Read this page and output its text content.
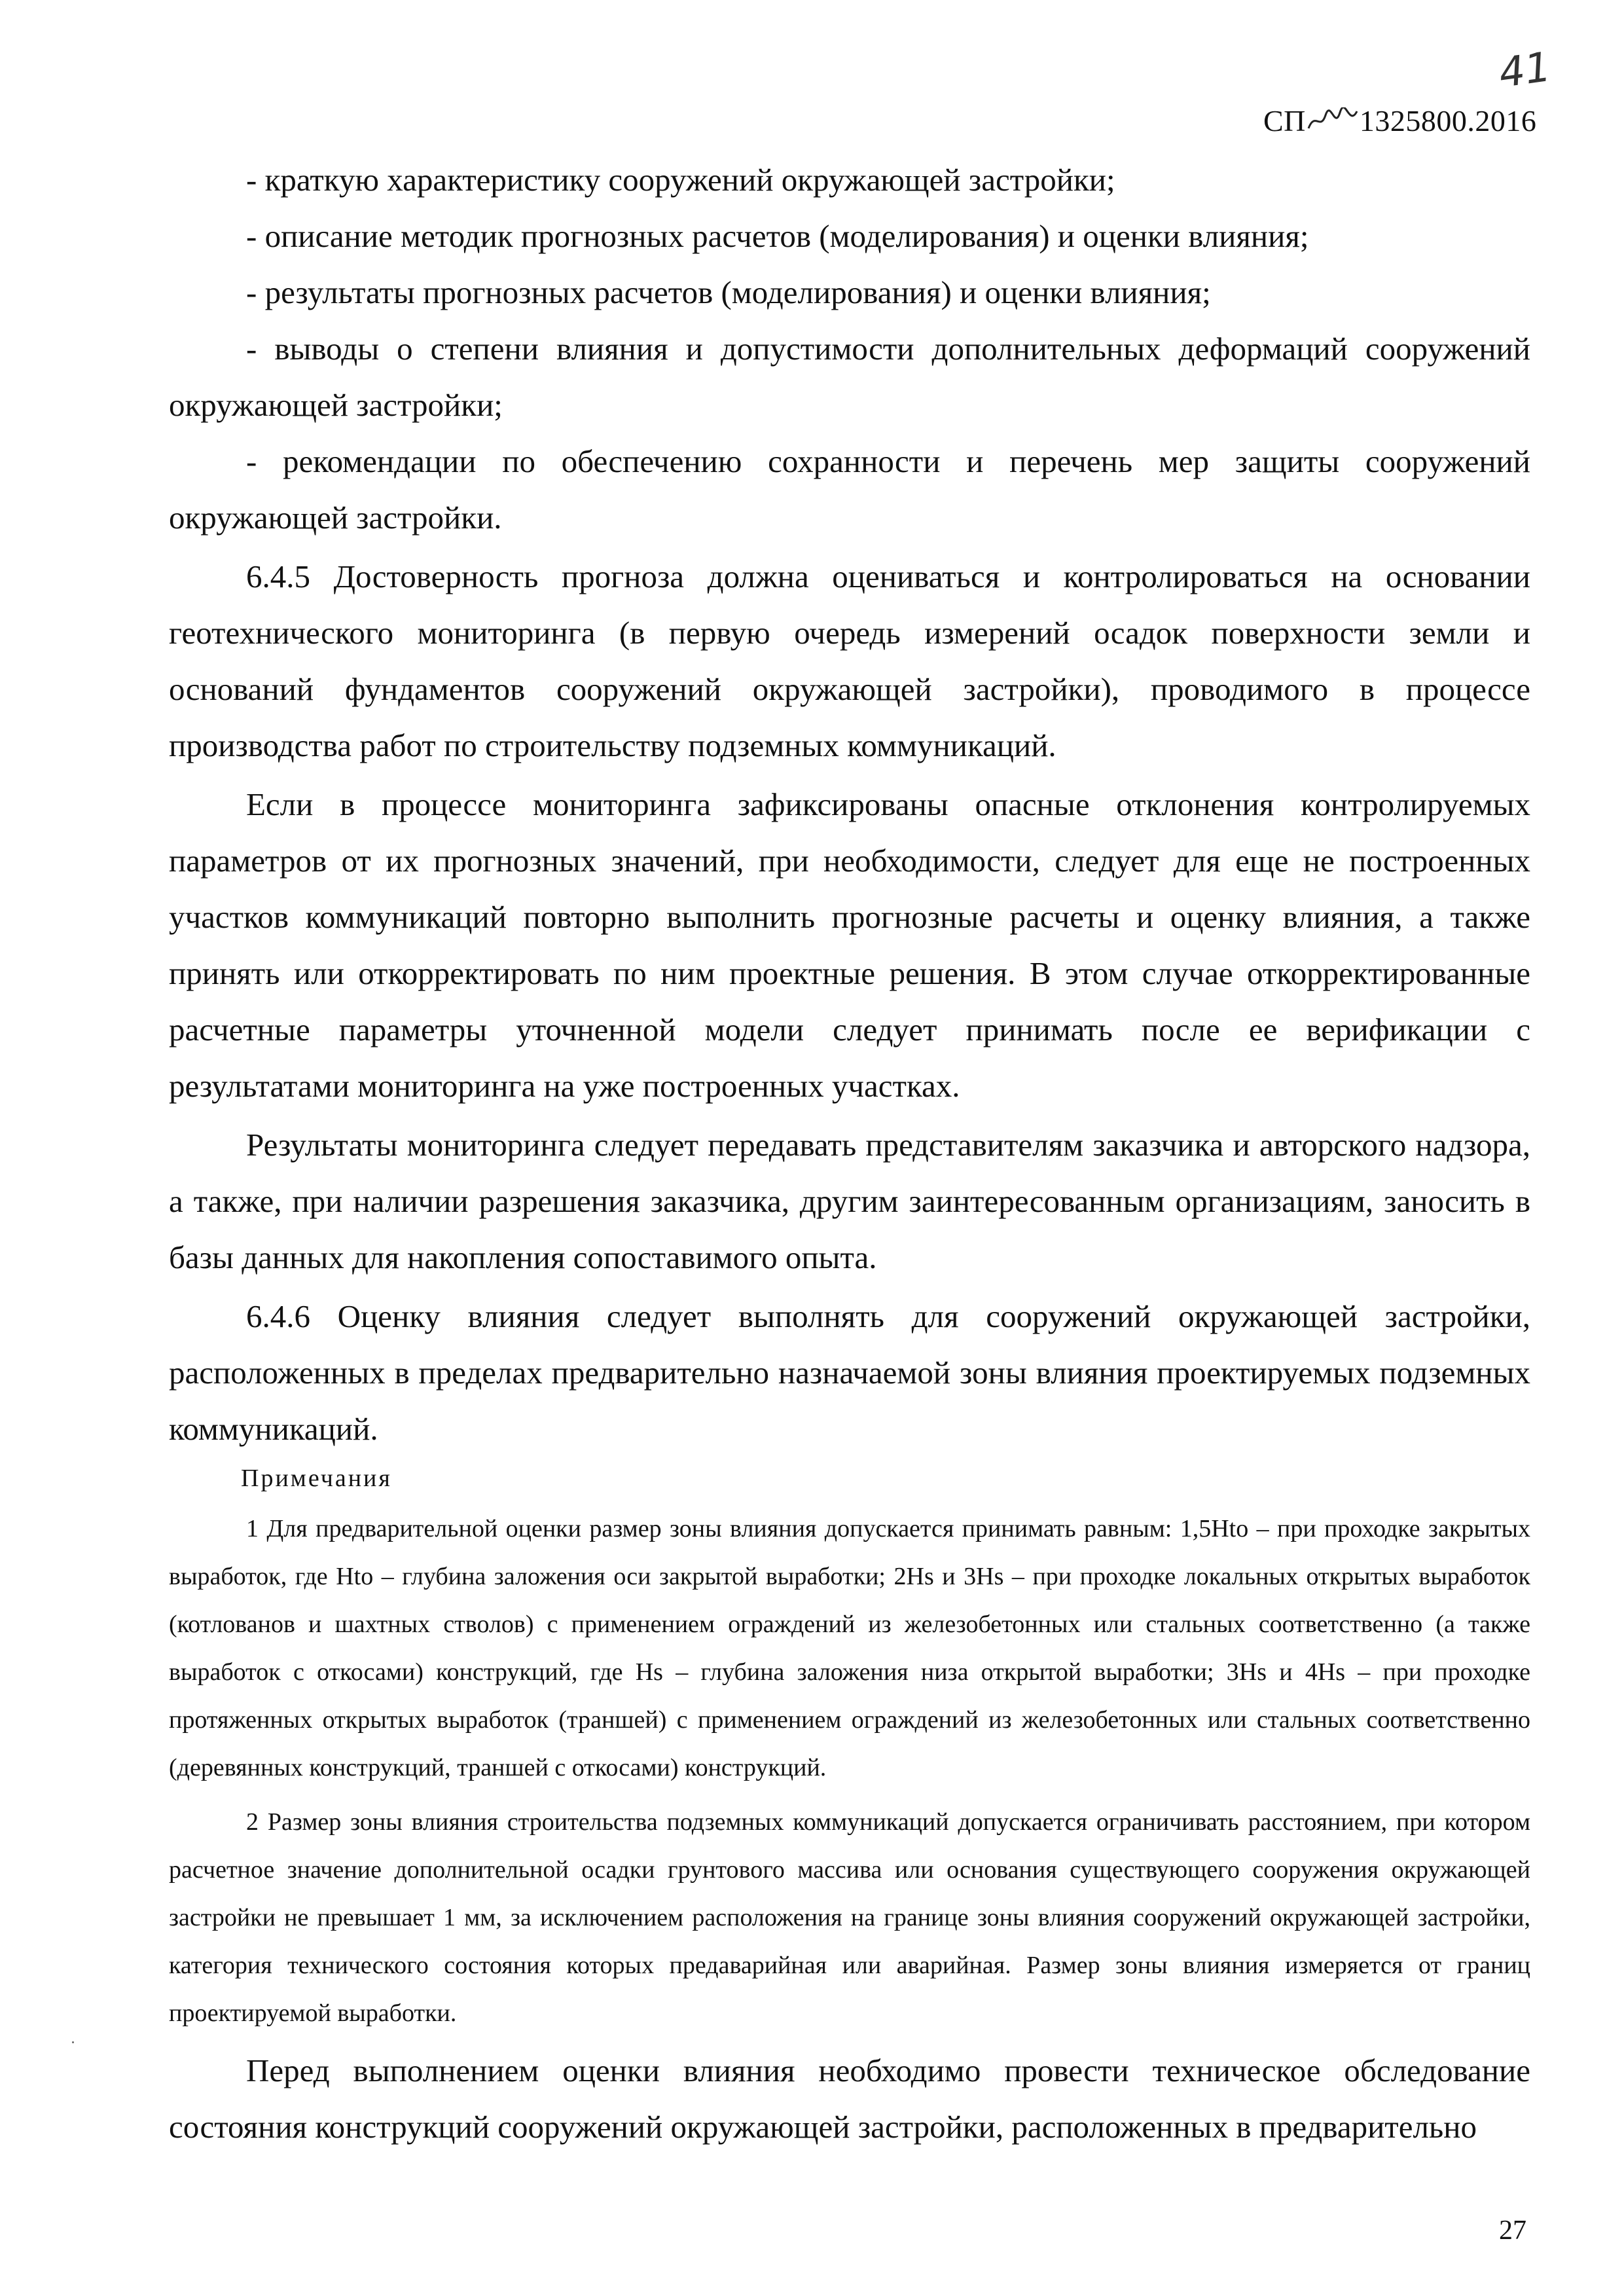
41
СП 1325800.2016

- краткую характеристику сооружений окружающей застройки;

- описание методик прогнозных расчетов (моделирования) и оценки влияния;

- результаты прогнозных расчетов (моделирования) и оценки влияния;

- выводы о степени влияния и допустимости дополнительных деформаций сооружений окружающей застройки;

- рекомендации по обеспечению сохранности и перечень мер защиты сооружений окружающей застройки.

6.4.5 Достоверность прогноза должна оцениваться и контролироваться на основании геотехнического мониторинга (в первую очередь измерений осадок поверхности земли и оснований фундаментов сооружений окружающей застройки), проводимого в процессе производства работ по строительству подземных коммуникаций.

Если в процессе мониторинга зафиксированы опасные отклонения контролируемых параметров от их прогнозных значений, при необходимости, следует для еще не построенных участков коммуникаций повторно выполнить прогнозные расчеты и оценку влияния, а также принять или откорректировать по ним проектные решения. В этом случае откорректированные расчетные параметры уточненной модели следует принимать после ее верификации с результатами мониторинга на уже построенных участках.

Результаты мониторинга следует передавать представителям заказчика и авторского надзора, а также, при наличии разрешения заказчика, другим заинтересованным организациям, заносить в базы данных для накопления сопоставимого опыта.

6.4.6 Оценку влияния следует выполнять для сооружений окружающей застройки, расположенных в пределах предварительно назначаемой зоны влияния проектируемых подземных коммуникаций.

Примечания

1 Для предварительной оценки размер зоны влияния допускается принимать равным: 1,5Htο – при проходке закрытых выработок, где Htο – глубина заложения оси закрытой выработки; 2Hs и 3Hs – при проходке локальных открытых выработок (котлованов и шахтных стволов) с применением ограждений из железобетонных или стальных соответственно (а также выработок с откосами) конструкций, где Hs – глубина заложения низа открытой выработки; 3Hs и 4Hs – при проходке протяженных открытых выработок (траншей) с применением ограждений из железобетонных или стальных соответственно (деревянных конструкций, траншей с откосами) конструкций.

2 Размер зоны влияния строительства подземных коммуникаций допускается ограничивать расстоянием, при котором расчетное значение дополнительной осадки грунтового массива или основания существующего сооружения окружающей застройки не превышает 1 мм, за исключением расположения на границе зоны влияния сооружений окружающей застройки, категория технического состояния которых предаварийная или аварийная. Размер зоны влияния измеряется от границ проектируемой выработки.

Перед выполнением оценки влияния необходимо провести техническое обследование состояния конструкций сооружений окружающей застройки, расположенных в предварительно

27
